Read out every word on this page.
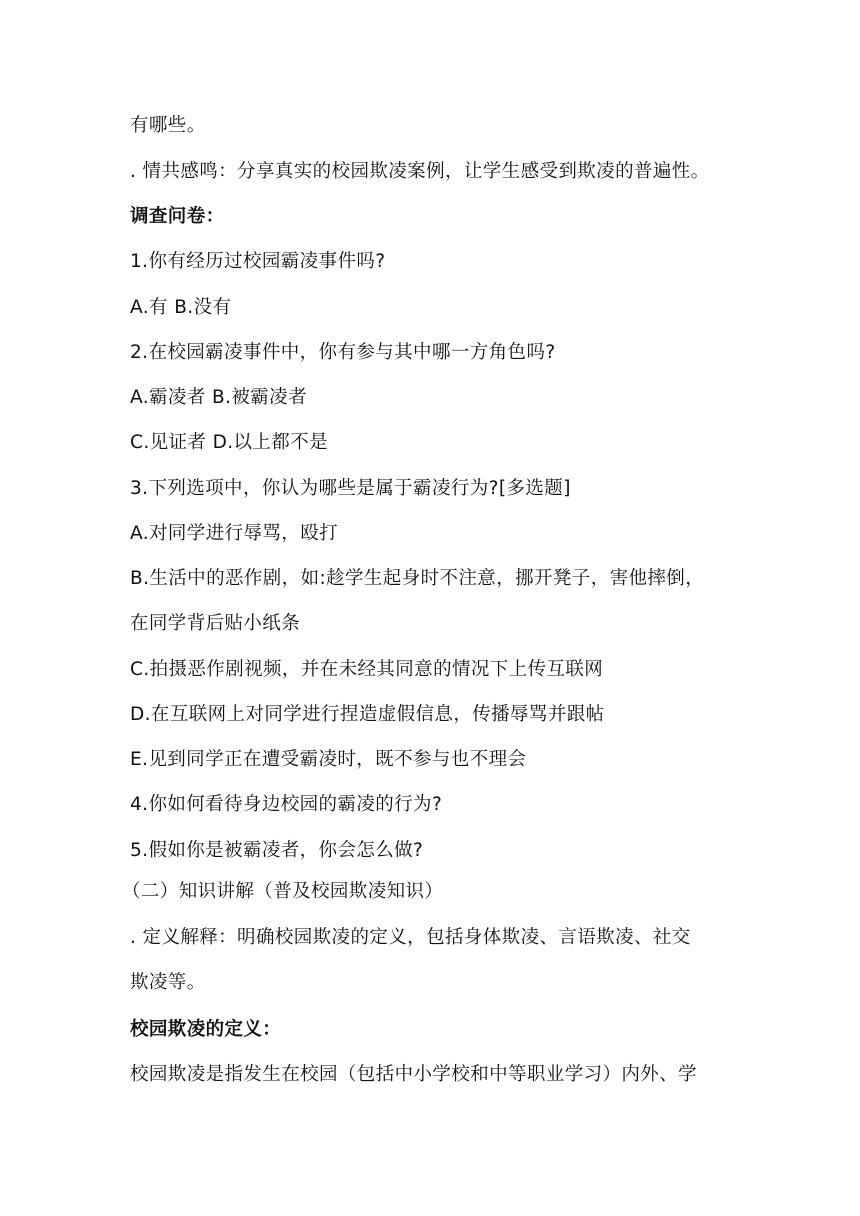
有哪些。
. 情共感鸣：分享真实的校园欺凌案例，让学生感受到欺凌的普遍性。
调查问卷：
1.你有经历过校园霸凌事件吗?
A.有 B.没有
2.在校园霸凌事件中，你有参与其中哪一方角色吗?
A.霸凌者 B.被霸凌者
C.见证者 D.以上都不是
3.下列选项中，你认为哪些是属于霸凌行为?[多选题]
A.对同学进行辱骂，殴打
B.生活中的恶作剧，如:趁学生起身时不注意，挪开凳子，害他摔倒，
在同学背后贴小纸条
C.拍摄恶作剧视频，并在未经其同意的情况下上传互联网
D.在互联网上对同学进行捏造虚假信息，传播辱骂并跟帖
E.见到同学正在遭受霸凌时，既不参与也不理会
4.你如何看待身边校园的霸凌的行为?
5.假如你是被霸凌者，你会怎么做?
（二）知识讲解（普及校园欺凌知识）
. 定义解释：明确校园欺凌的定义，包括身体欺凌、言语欺凌、社交
欺凌等。
校园欺凌的定义：
校园欺凌是指发生在校园（包括中小学校和中等职业学习）内外、学
